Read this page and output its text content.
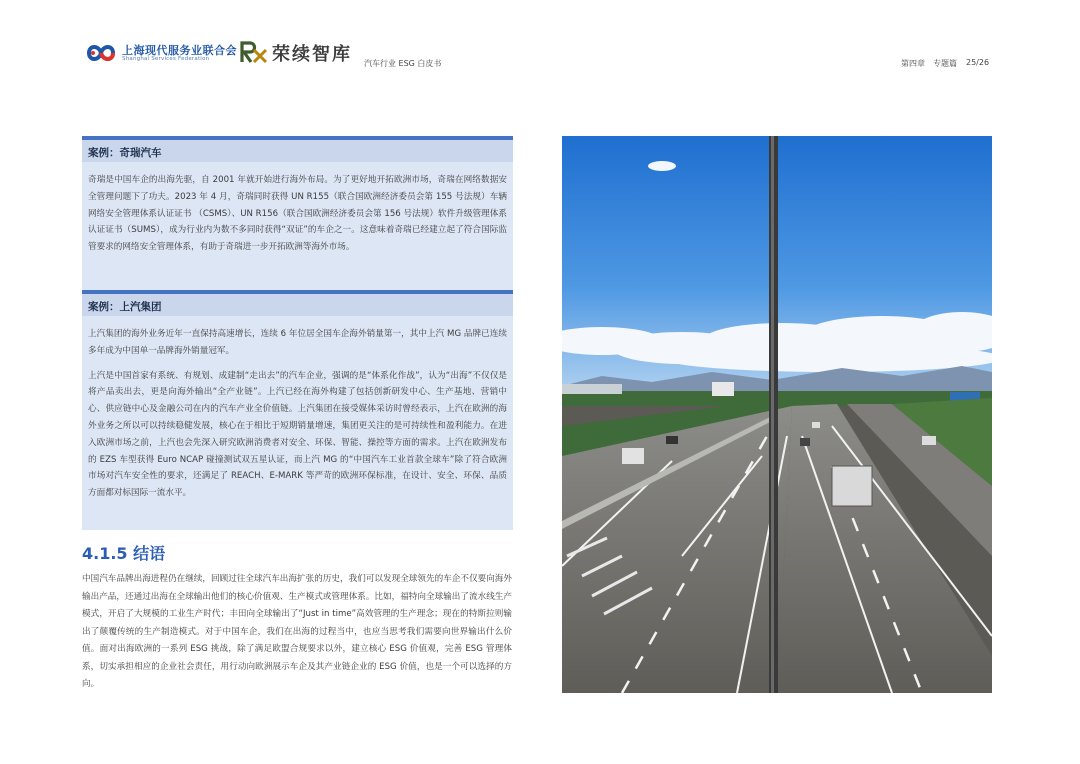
上海现代服务业联合会
Shanghai Services Federation	荣续智库 汽车行业 ESG 白皮书	第四章 专题篇 25/26
案例：奇瑞汽车

奇瑞是中国车企的出海先驱，自 2001 年就开始进行海外布局。为了更好地开拓欧洲市场，奇瑞在网络数据安全管理问题下了功夫。2023 年 4 月，奇瑞同时获得 UN R155（联合国欧洲经济委员会第 155 号法规）车辆网络安全管理体系认证证书 （CSMS）、UN R156（联合国欧洲经济委员会第 156 号法规）软件升级管理体系认证证书（SUMS），成为行业内为数不多同时获得“双证”的车企之一。这意味着奇瑞已经建立起了符合国际监管要求的网络安全管理体系，有助于奇瑞进一步开拓欧洲等海外市场。

案例：上汽集团

上汽集团的海外业务近年一直保持高速增长，连续 6 年位居全国车企海外销量第一，其中上汽 MG 品牌已连续多年成为中国单一品牌海外销量冠军。

上汽是中国首家有系统、有规划、成建制“走出去”的汽车企业，强调的是“体系化作战”，认为“出海”不仅仅是将产品卖出去，更是向海外输出“全产业链”。上汽已经在海外构建了包括创新研发中心、生产基地、营销中心、供应链中心及金融公司在内的汽车产业全价值链。上汽集团在接受媒体采访时曾经表示，上汽在欧洲的海外业务之所以可以持续稳健发展，核心在于相比于短期销量增速，集团更关注的是可持续性和盈利能力。在进入欧洲市场之前，上汽也会先深入研究欧洲消费者对安全、环保、智能、操控等方面的需求。上汽在欧洲发布的 EZS 车型获得 Euro NCAP 碰撞测试双五星认证，而上汽 MG 的“中国汽车工业首款全球车”除了符合欧洲市场对汽车安全性的要求，还满足了 REACH、E-MARK 等严苛的欧洲环保标准，在设计、安全、环保、品质方面都对标国际一流水平。

4.1.5 结语

中国汽车品牌出海进程仍在继续，回顾过往全球汽车出海扩张的历史，我们可以发现全球领先的车企不仅要向海外输出产品，还通过出海在全球输出他们的核心价值观、生产模式或管理体系。比如，福特向全球输出了流水线生产模式，开启了大规模的工业生产时代；丰田向全球输出了“Just in time”高效管理的生产理念；现在的特斯拉则输出了颠覆传统的生产制造模式。对于中国车企，我们在出海的过程当中，也应当思考我们需要向世界输出什么价值。面对出海欧洲的一系列 ESG 挑战，除了满足欧盟合规要求以外，建立核心 ESG 价值观，完善 ESG 管理体系，切实承担相应的企业社会责任，用行动向欧洲展示车企及其产业链企业的 ESG 价值，也是一个可以选择的方向。
